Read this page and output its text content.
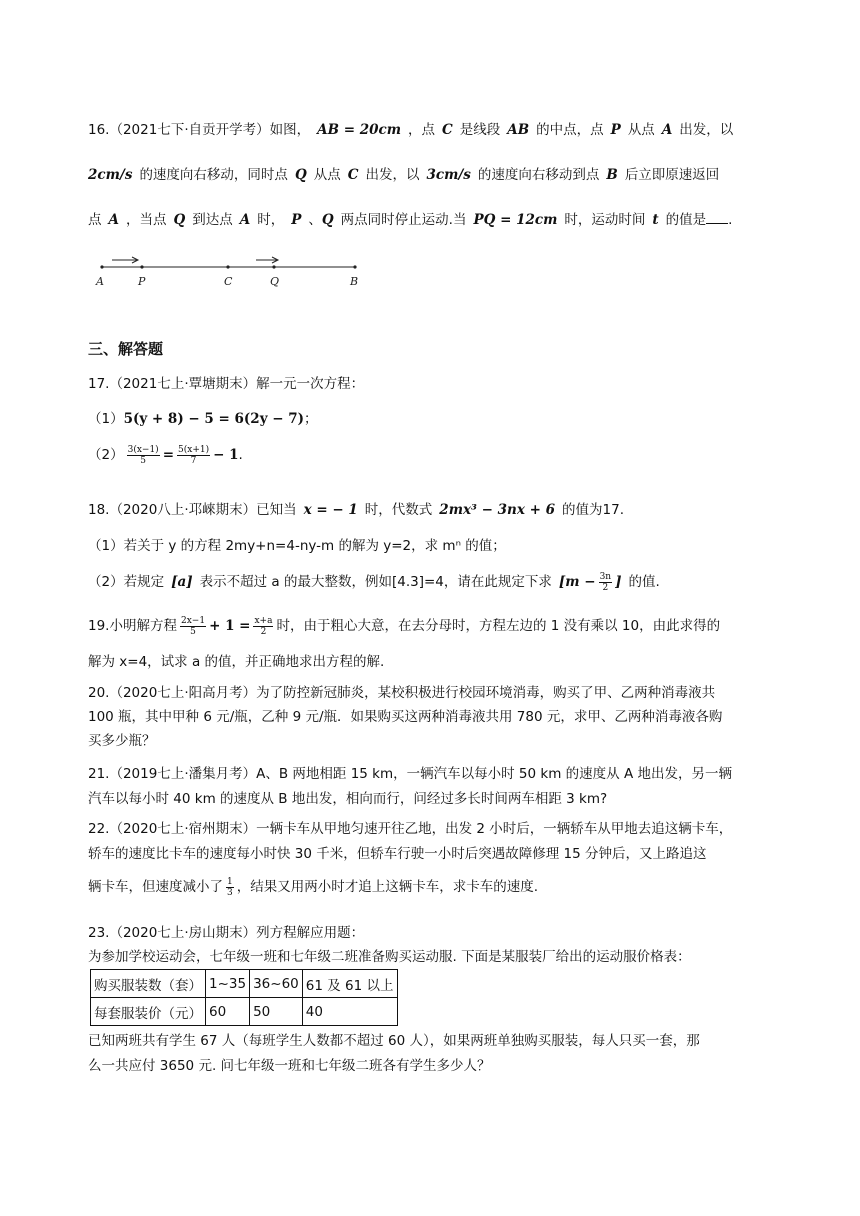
16.（2021七下·自贡开学考）如图， AB = 20cm ，点 C 是线段 AB 的中点，点 P 从点 A 出发，以
2cm/s 的速度向右移动，同时点 Q 从点 C 出发，以 3cm/s 的速度向右移动到点 B 后立即原速返回
点 A ，当点 Q 到达点 A 时， P 、Q 两点同时停止运动.当 PQ = 12cm 时，运动时间 t 的值是 .
A	P	C	Q	B
三、解答题
17.（2021七上·覃塘期末）解一元一次方程：
（1）5(y + 8) − 5 = 6(2y − 7)；
$(2) \frac{3(x-1)}{5} = \frac{5(x+1)}{7} - 1$.
18.（2020八上·邛崍期末）已知当 x = − 1 时，代数式 2mx³ − 3nx + 6 的值为17.
（1）若关于 y 的方程 2my+n=4-ny-m 的解为 y=2，求 mⁿ 的值；
（2）若规定 [a] 表示不超过 a 的最大整数，例如[4.3]=4，请在此规定下求 [$m - \frac{3n}{2}$ ] 的值.
19.小明解方程 $\frac{2x-1}{5} + 1 = \frac{x+a}{2}$ 时，由于粗心大意，在去分母时，方程左边的 1 没有乘以 10，由此求得的
解为 x=4，试求 a 的值，并正确地求出方程的解.
20.（2020七上·阳高月考）为了防控新冠肺炎，某校积极进行校园环境消毒，购买了甲、乙两种消毒液共
100 瓶，其中甲种 6 元/瓶，乙种 9 元/瓶．如果购买这两种消毒液共用 780 元，求甲、乙两种消毒液各购
买多少瓶？
21.（2019七上·潘集月考）A、B 两地相距 15 km，一辆汽车以每小时 50 km 的速度从 A 地出发，另一辆
汽车以每小时 40 km 的速度从 B 地出发，相向而行，问经过多长时间两车相距 3 km?
22.（2020七上·宿州期末）一辆卡车从甲地匀速开往乙地，出发 2 小时后，一辆轿车从甲地去追这辆卡车，
轿车的速度比卡车的速度每小时快 30 千米，但轿车行驶一小时后突遇故障修理 15 分钟后，又上路追这
辆卡车，但速度减小了 $\frac{1}{3}$ ，结果又用两小时才追上这辆卡车，求卡车的速度.
23.（2020七上·房山期末）列方程解应用题：
为参加学校运动会，七年级一班和七年级二班准备购买运动服. 下面是某服装厂给出的运动服价格表：
购买服装数（套）	1~35	36~60	61 及 61 以上
每套服装价（元）	60	50	40
已知两班共有学生 67 人（每班学生人数都不超过 60 人），如果两班单独购买服装，每人只买一套，那
么一共应付 3650 元. 问七年级一班和七年级二班各有学生多少人？
